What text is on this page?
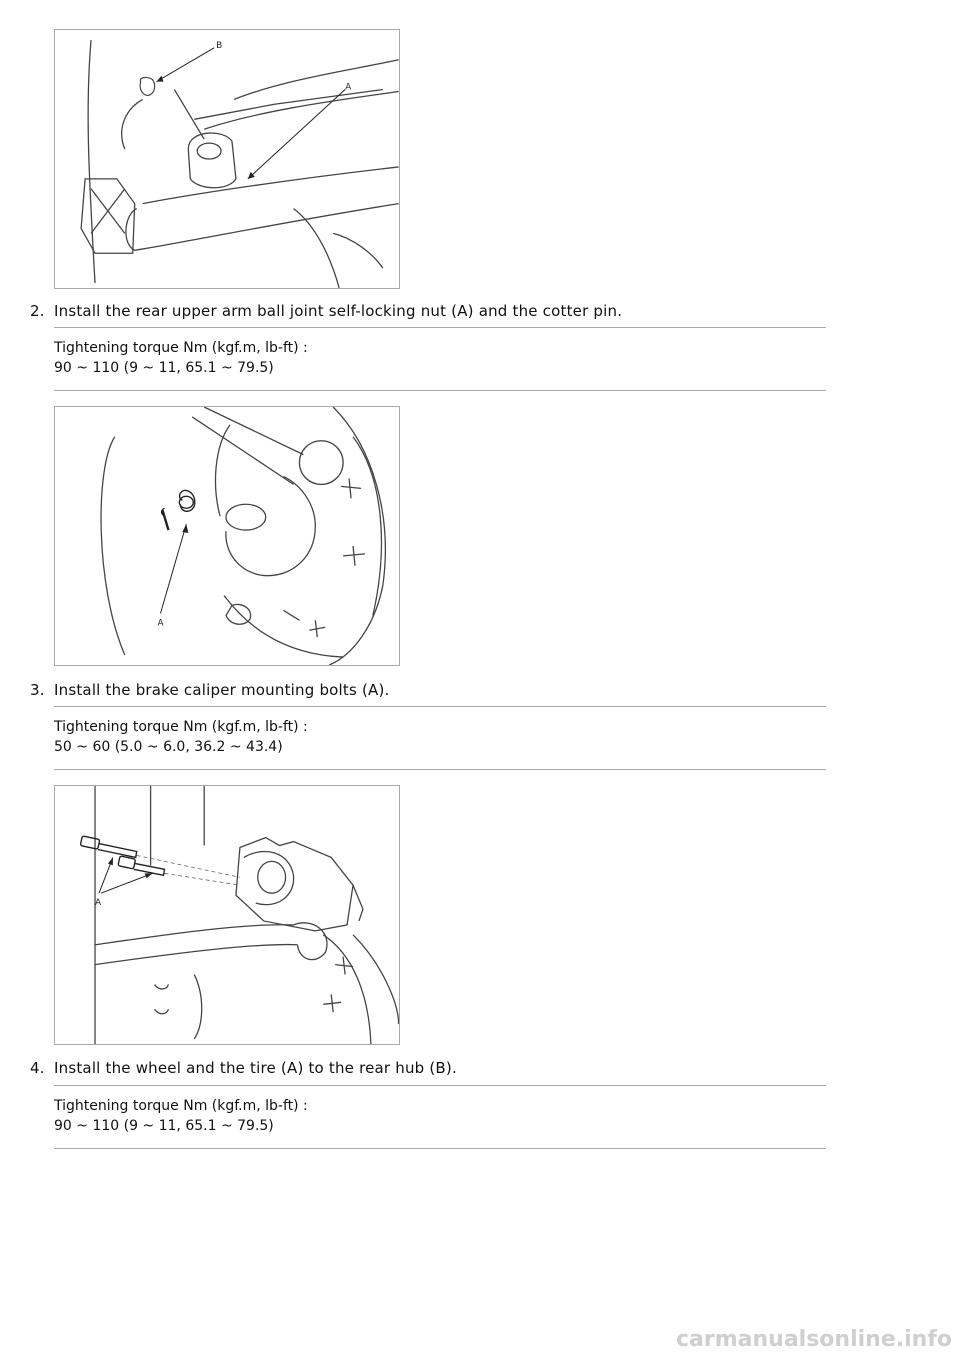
B
A
2. Install the rear upper arm ball joint self-locking nut (A) and the cotter pin.
Tightening torque Nm (kgf.m, lb-ft) :
90 ~ 110 (9 ~ 11, 65.1 ~ 79.5)
A
3. Install the brake caliper mounting bolts (A).
Tightening torque Nm (kgf.m, lb-ft) :
50 ~ 60 (5.0 ~ 6.0, 36.2 ~ 43.4)
A
4. Install the wheel and the tire (A) to the rear hub (B).
Tightening torque Nm (kgf.m, lb-ft) :
90 ~ 110 (9 ~ 11, 65.1 ~ 79.5)
carmanualsonline.info
